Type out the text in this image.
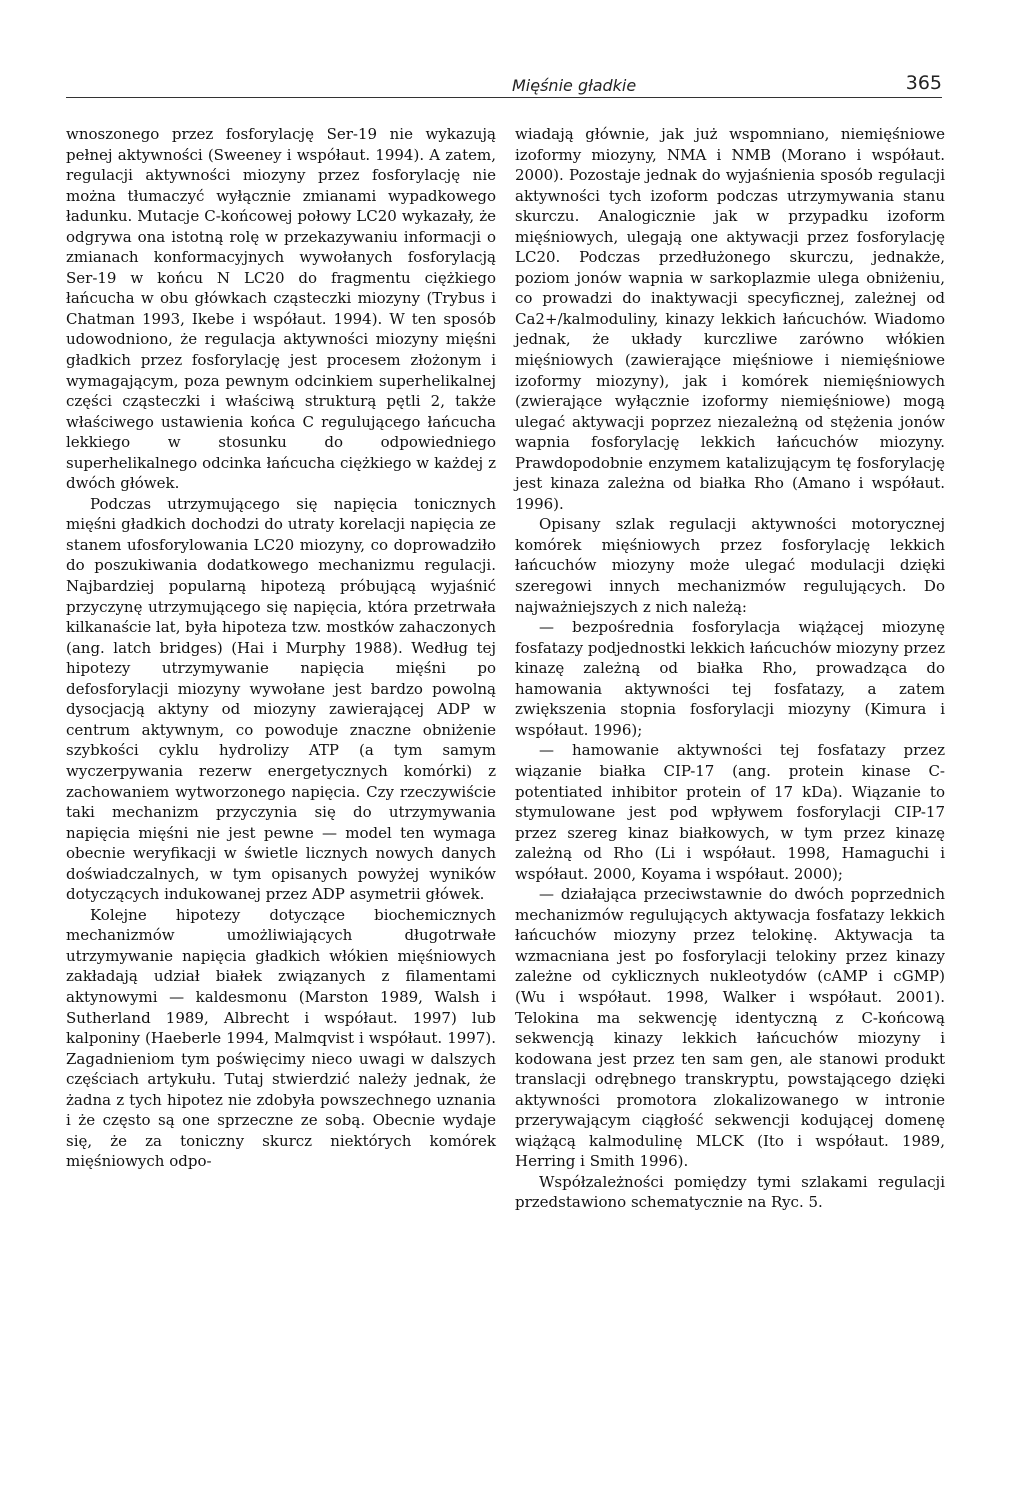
Mięśnie gładkie	365

wnoszonego przez fosforylację Ser-19 nie wykazują pełnej aktywności (Sweeney i współaut. 1994). A zatem, regulacji aktywności miozyny przez fosforylację nie można tłumaczyć wyłącznie zmianami wypadkowego ładunku. Mutacje C-końcowej połowy LC20 wykazały, że odgrywa ona istotną rolę w przekazywaniu informacji o zmianach konformacyjnych wywołanych fosforylacją Ser-19 w końcu N LC20 do fragmentu ciężkiego łańcucha w obu główkach cząsteczki miozyny (Trybus i Chatman 1993, Ikebe i współaut. 1994). W ten sposób udowodniono, że regulacja aktywności miozyny mięśni gładkich przez fosforylację jest procesem złożonym i wymagającym, poza pewnym odcinkiem superhelikalnej części cząsteczki i właściwą strukturą pętli 2, także właściwego ustawienia końca C regulującego łańcucha lekkiego w stosunku do odpowiedniego superhelikalnego odcinka łańcucha ciężkiego w każdej z dwóch główek.

Podczas utrzymującego się napięcia tonicznych mięśni gładkich dochodzi do utraty korelacji napięcia ze stanem ufosforylowania LC20 miozyny, co doprowadziło do poszukiwania dodatkowego mechanizmu regulacji. Najbardziej popularną hipotezą próbującą wyjaśnić przyczynę utrzymującego się napięcia, która przetrwała kilkanaście lat, była hipoteza tzw. mostków zahaczonych (ang. latch bridges) (Hai i Murphy 1988). Według tej hipotezy utrzymywanie napięcia mięśni po defosforylacji miozyny wywołane jest bardzo powolną dysocjacją aktyny od miozyny zawierającej ADP w centrum aktywnym, co powoduje znaczne obniżenie szybkości cyklu hydrolizy ATP (a tym samym wyczerpywania rezerw energetycznych komórki) z zachowaniem wytworzonego napięcia. Czy rzeczywiście taki mechanizm przyczynia się do utrzymywania napięcia mięśni nie jest pewne — model ten wymaga obecnie weryfikacji w świetle licznych nowych danych doświadczalnych, w tym opisanych powyżej wyników dotyczących indukowanej przez ADP asymetrii główek.

Kolejne hipotezy dotyczące biochemicznych mechanizmów umożliwiających długotrwałe utrzymywanie napięcia gładkich włókien mięśniowych zakładają udział białek związanych z filamentami aktynowymi — kaldesmonu (Marston 1989, Walsh i Sutherland 1989, Albrecht i współaut. 1997) lub kalponiny (Haeberle 1994, Malmqvist i współaut. 1997). Zagadnieniom tym poświęcimy nieco uwagi w dalszych częściach artykułu. Tutaj stwierdzić należy jednak, że żadna z tych hipotez nie zdobyła powszechnego uznania i że często są one sprzeczne ze sobą. Obecnie wydaje się, że za toniczny skurcz niektórych komórek mięśniowych odpo-

wiadają głównie, jak już wspomniano, niemięśniowe izoformy miozyny, NMA i NMB (Morano i współaut. 2000). Pozostaje jednak do wyjaśnienia sposób regulacji aktywności tych izoform podczas utrzymywania stanu skurczu. Analogicznie jak w przypadku izoform mięśniowych, ulegają one aktywacji przez fosforylację LC20. Podczas przedłużonego skurczu, jednakże, poziom jonów wapnia w sarkoplazmie ulega obniżeniu, co prowadzi do inaktywacji specyficznej, zależnej od Ca2+/kalmoduliny, kinazy lekkich łańcuchów. Wiadomo jednak, że układy kurczliwe zarówno włókien mięśniowych (zawierające mięśniowe i niemięśniowe izoformy miozyny), jak i komórek niemięśniowych (zwierające wyłącznie izoformy niemięśniowe) mogą ulegać aktywacji poprzez niezależną od stężenia jonów wapnia fosforylację lekkich łańcuchów miozyny. Prawdopodobnie enzymem katalizującym tę fosforylację jest kinaza zależna od białka Rho (Amano i współaut. 1996).

Opisany szlak regulacji aktywności motorycznej komórek mięśniowych przez fosforylację lekkich łańcuchów miozyny może ulegać modulacji dzięki szeregowi innych mechanizmów regulujących. Do najważniejszych z nich należą:

— bezpośrednia fosforylacja wiążącej miozynę fosfatazy podjednostki lekkich łańcuchów miozyny przez kinazę zależną od białka Rho, prowadząca do hamowania aktywności tej fosfatazy, a zatem zwiększenia stopnia fosforylacji miozyny (Kimura i współaut. 1996);

— hamowanie aktywności tej fosfatazy przez wiązanie białka CIP-17 (ang. protein kinase C-potentiated inhibitor protein of 17 kDa). Wiązanie to stymulowane jest pod wpływem fosforylacji CIP-17 przez szereg kinaz białkowych, w tym przez kinazę zależną od Rho (Li i współaut. 1998, Hamaguchi i współaut. 2000, Koyama i współaut. 2000);

— działająca przeciwstawnie do dwóch poprzednich mechanizmów regulujących aktywacja fosfatazy lekkich łańcuchów miozyny przez telokinę. Aktywacja ta wzmacniana jest po fosforylacji telokiny przez kinazy zależne od cyklicznych nukleotydów (cAMP i cGMP) (Wu i współaut. 1998, Walker i współaut. 2001). Telokina ma sekwencję identyczną z C-końcową sekwencją kinazy lekkich łańcuchów miozyny i kodowana jest przez ten sam gen, ale stanowi produkt translacji odrębnego transkryptu, powstającego dzięki aktywności promotora zlokalizowanego w intronie przerywającym ciągłość sekwencji kodującej domenę wiążącą kalmodulinę MLCK (Ito i współaut. 1989, Herring i Smith 1996).

Współzależności pomiędzy tymi szlakami regulacji przedstawiono schematycznie na Ryc. 5.
